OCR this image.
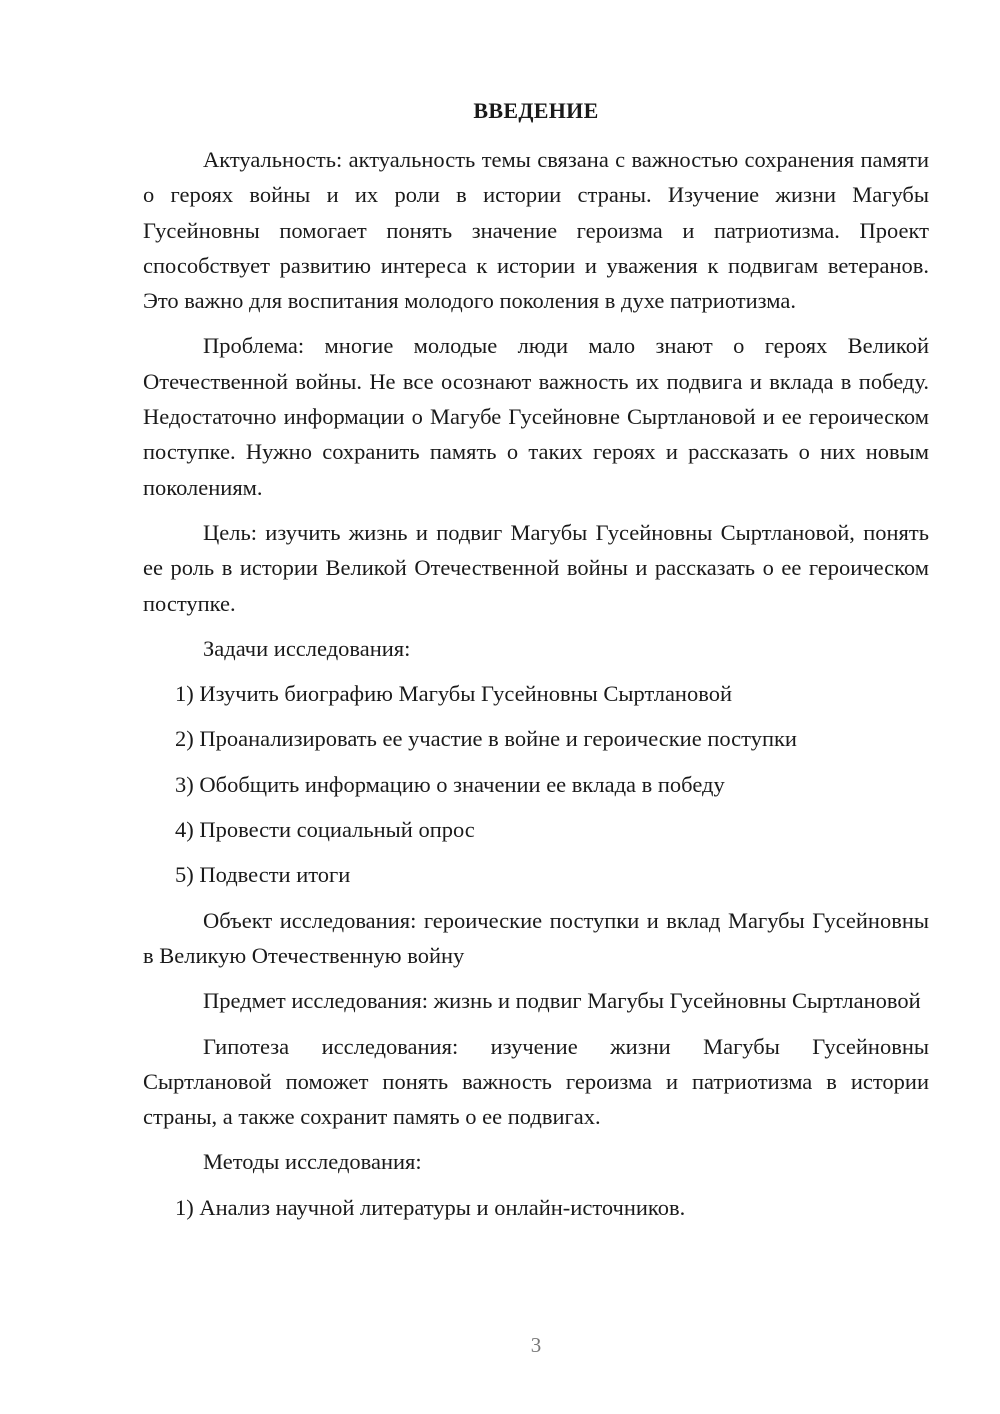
ВВЕДЕНИЕ

Актуальность: актуальность темы связана с важностью сохранения памяти о героях войны и их роли в истории страны. Изучение жизни Магубы Гусейновны помогает понять значение героизма и патриотизма. Проект способствует развитию интереса к истории и уважения к подвигам ветеранов. Это важно для воспитания молодого поколения в духе патриотизма.

Проблема: многие молодые люди мало знают о героях Великой Отечественной войны. Не все осознают важность их подвига и вклада в победу. Недостаточно информации о Магубе Гусейновне Сыртлановой и ее героическом поступке. Нужно сохранить память о таких героях и рассказать о них новым поколениям.

Цель: изучить жизнь и подвиг Магубы Гусейновны Сыртлановой, понять ее роль в истории Великой Отечественной войны и рассказать о ее героическом поступке.

Задачи исследования:

1) Изучить биографию Магубы Гусейновны Сыртлановой

2) Проанализировать ее участие в войне и героические поступки

3) Обобщить информацию о значении ее вклада в победу

4) Провести социальный опрос

5) Подвести итоги

Объект исследования: героические поступки и вклад Магубы Гусейновны в Великую Отечественную войну

Предмет исследования: жизнь и подвиг Магубы Гусейновны Сыртлановой

Гипотеза исследования: изучение жизни Магубы Гусейновны Сыртлановой поможет понять важность героизма и патриотизма в истории страны, а также сохранит память о ее подвигах.

Методы исследования:

1) Анализ научной литературы и онлайн-источников.

3
